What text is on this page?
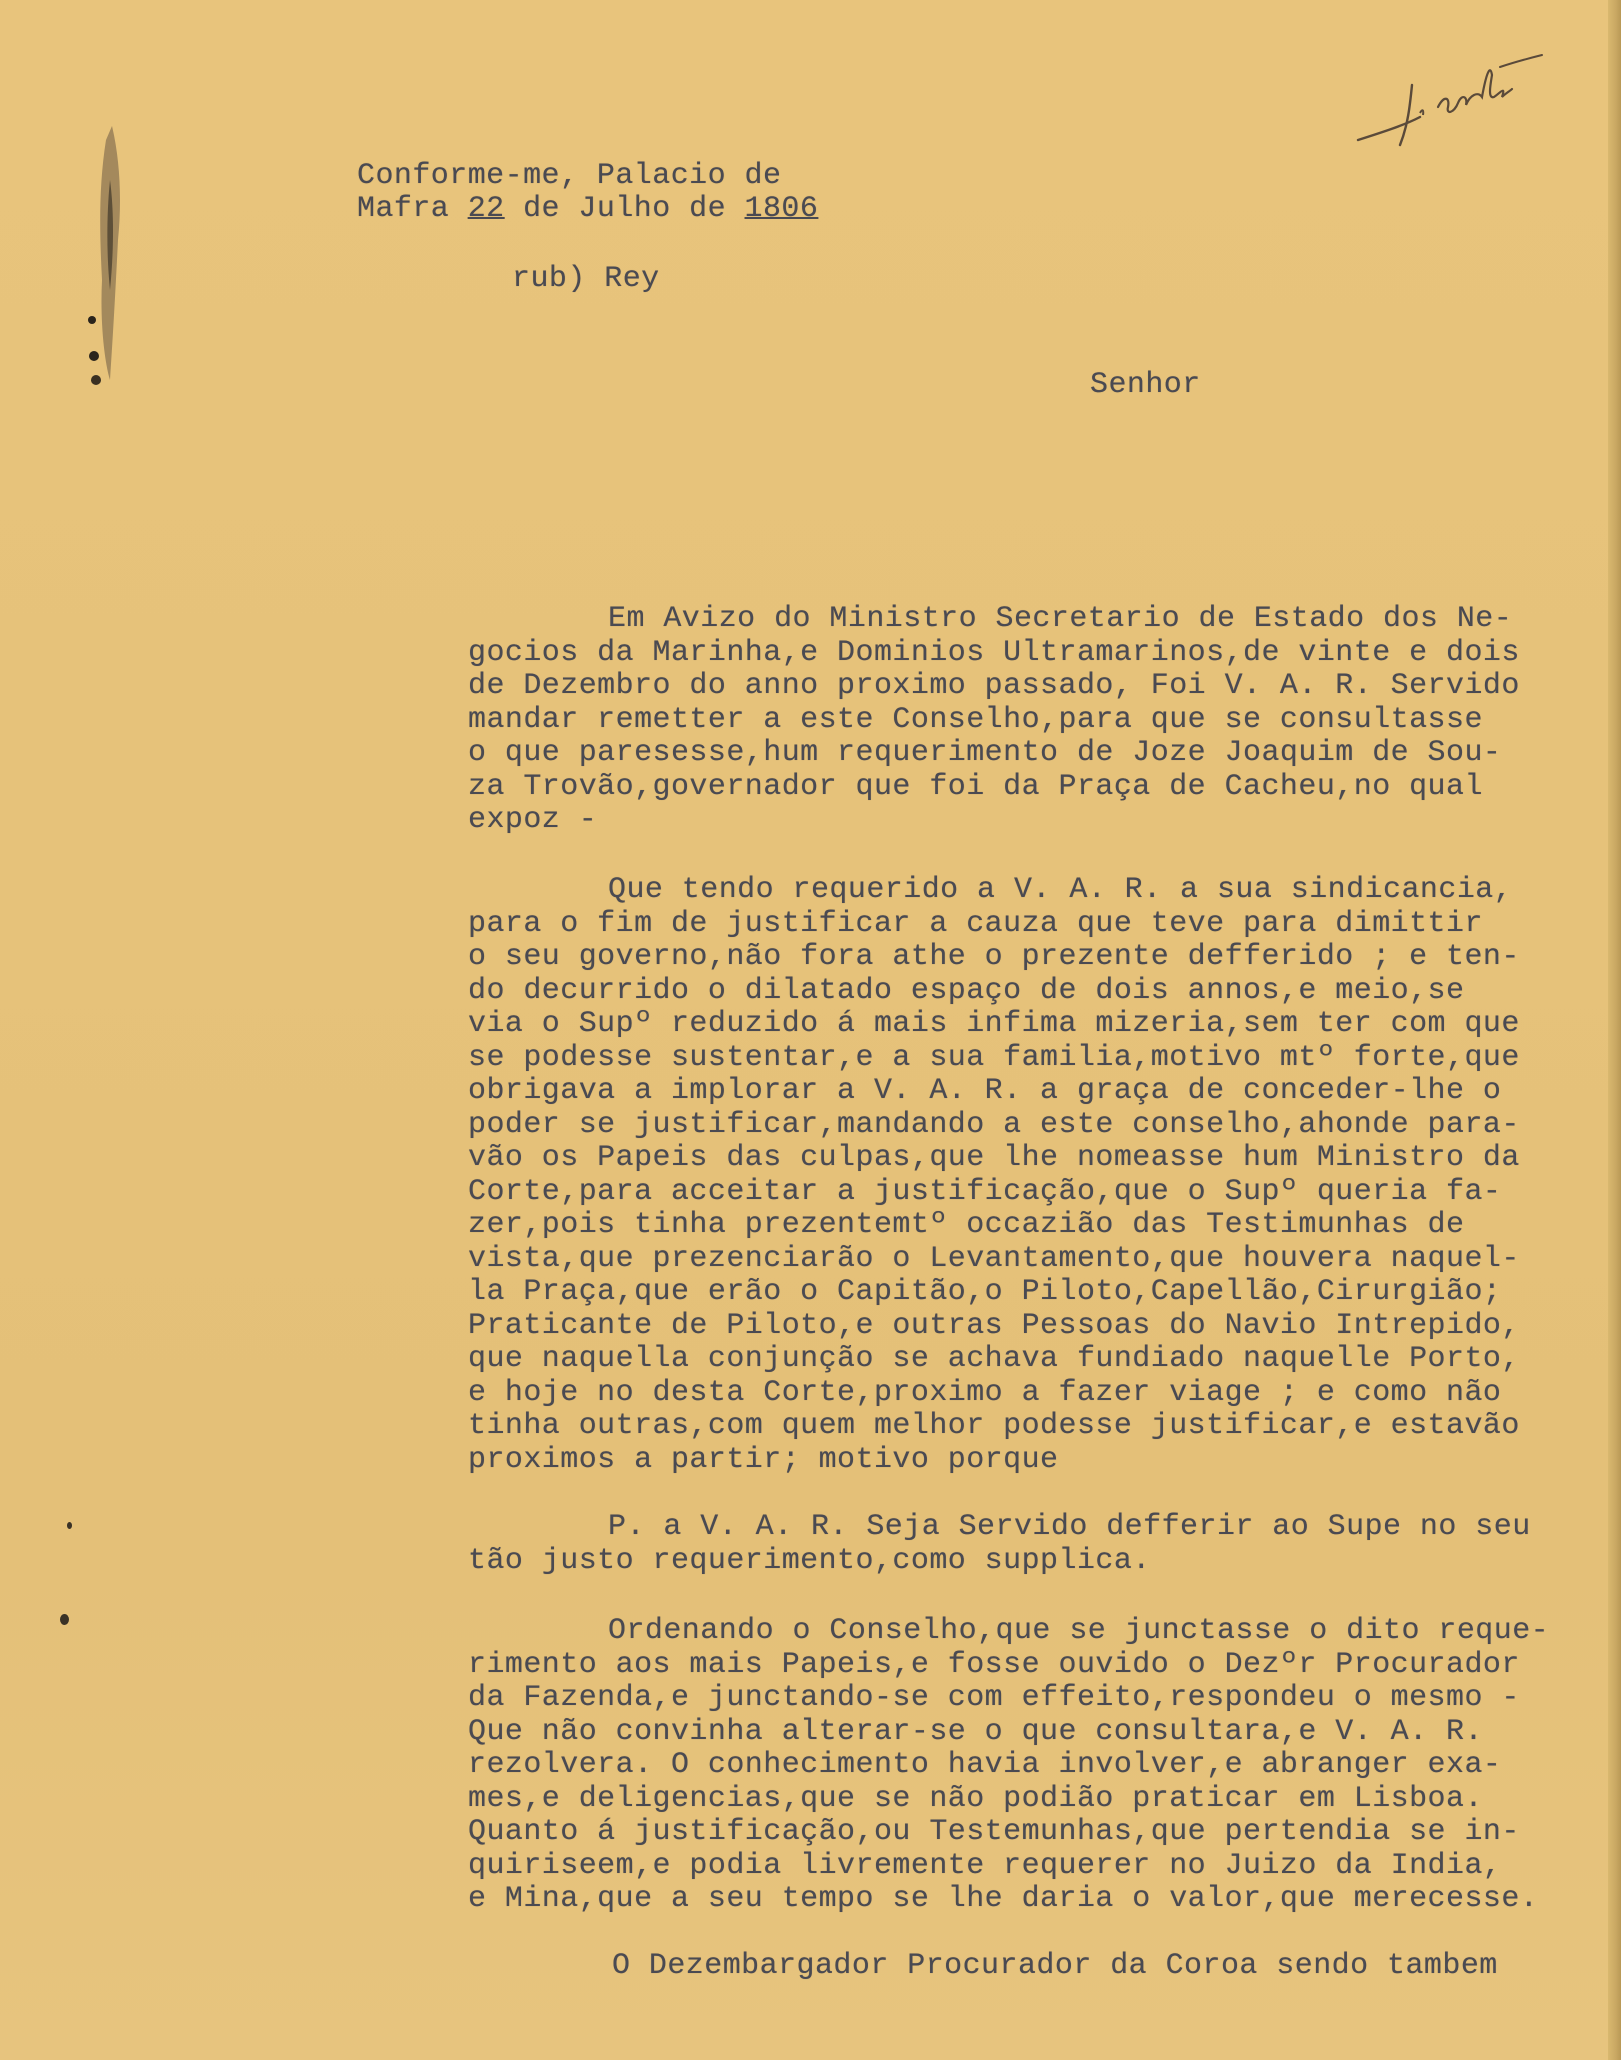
Conforme-me, Palacio de
Mafra 22 de Julho de 1806
rub) Rey
Senhor
Em Avizo do Ministro Secretario de Estado dos Ne-
gocios da Marinha,e Dominios Ultramarinos,de vinte e dois
de Dezembro do anno proximo passado, Foi V. A. R. Servido
mandar remetter a este Conselho,para que se consultasse
o que paresesse,hum requerimento de Joze Joaquim de Sou-
za Trovão,governador que foi da Praça de Cacheu,no qual
expoz -
Que tendo requerido a V. A. R. a sua sindicancia,
para o fim de justificar a cauza que teve para dimittir
o seu governo,não fora athe o prezente defferido ; e ten-
do decurrido o dilatado espaço de dois annos,e meio,se
via o Supº reduzido á mais infima mizeria,sem ter com que
se podesse sustentar,e a sua familia,motivo mtº forte,que
obrigava a implorar a V. A. R. a graça de conceder-lhe o
poder se justificar,mandando a este conselho,ahonde para-
vão os Papeis das culpas,que lhe nomeasse hum Ministro da
Corte,para acceitar a justificação,que o Supº queria fa-
zer,pois tinha prezentemtº occazião das Testimunhas de
vista,que prezenciarão o Levantamento,que houvera naquel-
la Praça,que erão o Capitão,o Piloto,Capellão,Cirurgião;
Praticante de Piloto,e outras Pessoas do Navio Intrepido,
que naquella conjunção se achava fundiado naquelle Porto,
e hoje no desta Corte,proximo a fazer viage ; e como não
tinha outras,com quem melhor podesse justificar,e estavão
proximos a partir; motivo porque
P. a V. A. R. Seja Servido defferir ao Supe no seu
tão justo requerimento,como supplica.
Ordenando o Conselho,que se junctasse o dito reque-
rimento aos mais Papeis,e fosse ouvido o Dezºr Procurador
da Fazenda,e junctando-se com effeito,respondeu o mesmo -
Que não convinha alterar-se o que consultara,e V. A. R.
rezolvera. O conhecimento havia involver,e abranger exa-
mes,e deligencias,que se não podião praticar em Lisboa.
Quanto á justificação,ou Testemunhas,que pertendia se in-
quiriseem,e podia livremente requerer no Juizo da India,
e Mina,que a seu tempo se lhe daria o valor,que merecesse.
O Dezembargador Procurador da Coroa sendo tambem
